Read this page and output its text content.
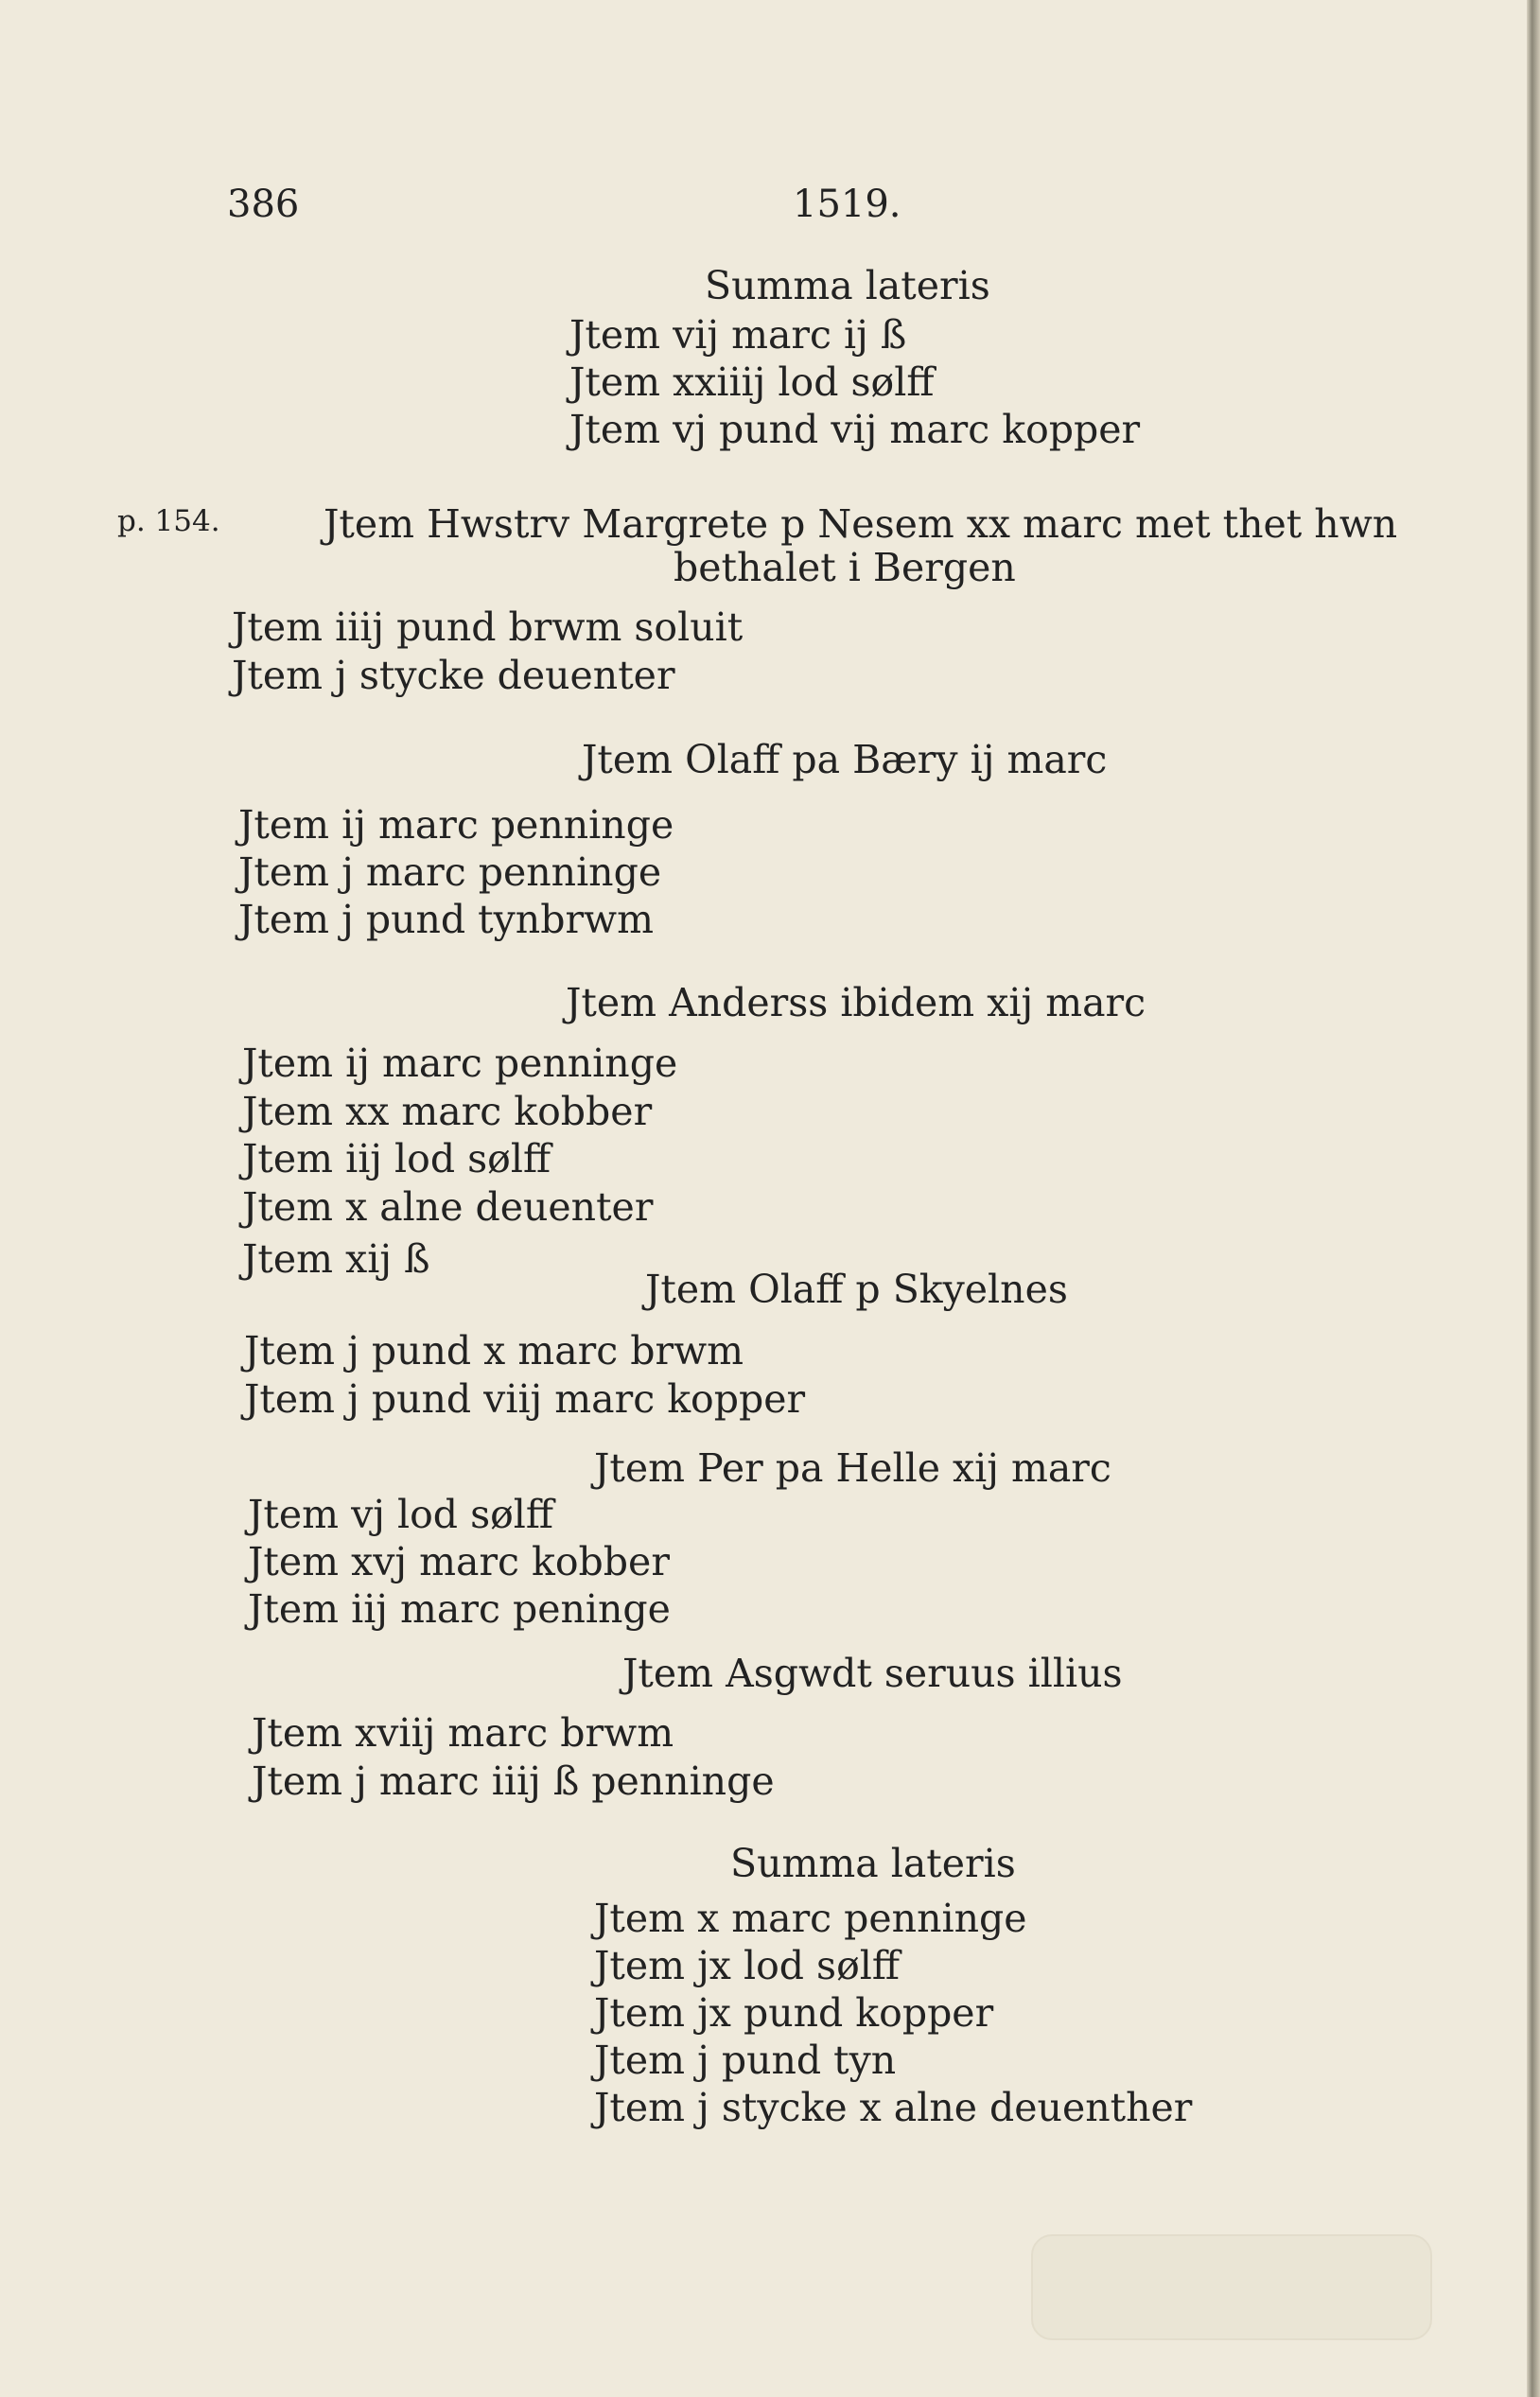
386	1519.
Summa lateris
Jtem vij marc ij ß
Jtem xxiiij lod sølff
Jtem vj pund vij marc kopper
p. 154.	Jtem Hwstrv Margrete p Nesem xx marc met thet hwn
bethalet i Bergen
Jtem iiij pund brwm soluit
Jtem j stycke deuenter
Jtem Olaff pa Bæry ij marc
Jtem ij marc penninge
Jtem j marc penninge
Jtem j pund tynbrwm
Jtem Anderss ibidem xij marc
Jtem ij marc penninge
Jtem xx marc kobber
Jtem iij lod sølff
Jtem x alne deuenter
Jtem xij ß
Jtem Olaff p Skyelnes
Jtem j pund x marc brwm
Jtem j pund viij marc kopper
Jtem Per pa Helle xij marc
Jtem vj lod sølff
Jtem xvj marc kobber
Jtem iij marc peninge
Jtem Asgwdt seruus illius
Jtem xviij marc brwm
Jtem j marc iiij ß penninge
Summa lateris
Jtem x marc penninge
Jtem jx lod sølff
Jtem jx pund kopper
Jtem j pund tyn
Jtem j stycke x alne deuenther
